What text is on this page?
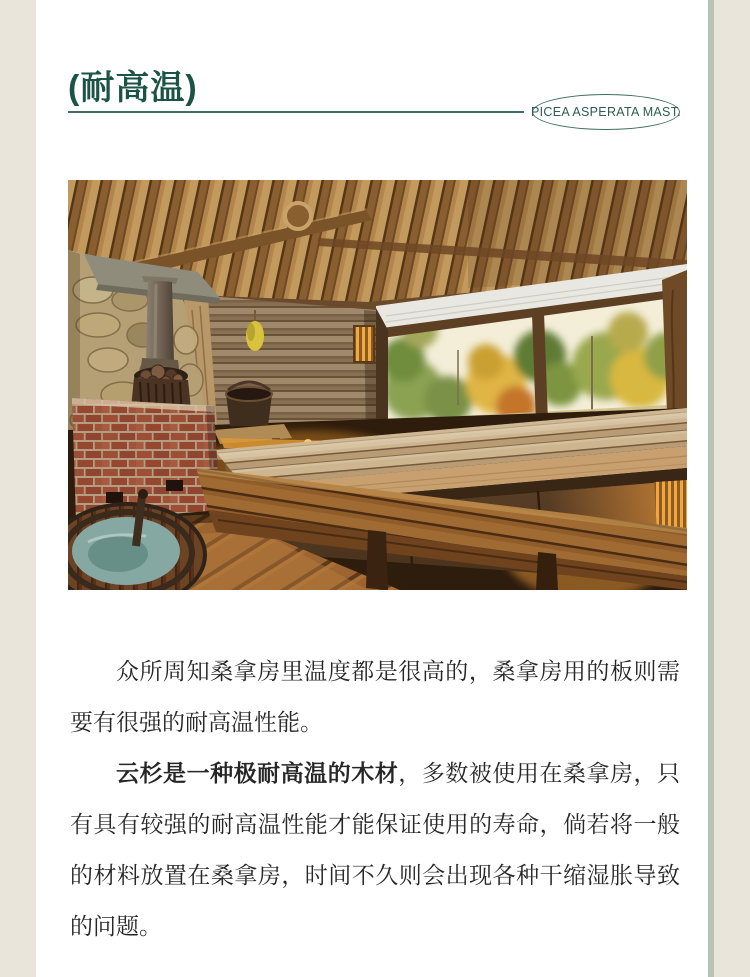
(耐高温)
PICEA ASPERATA MAST.

众所周知桑拿房里温度都是很高的，桑拿房用的板则需要有很强的耐高温性能。

云杉是一种极耐高温的木材，多数被使用在桑拿房，只有具有较强的耐高温性能才能保证使用的寿命，倘若将一般的材料放置在桑拿房，时间不久则会出现各种干缩湿胀导致的问题。
